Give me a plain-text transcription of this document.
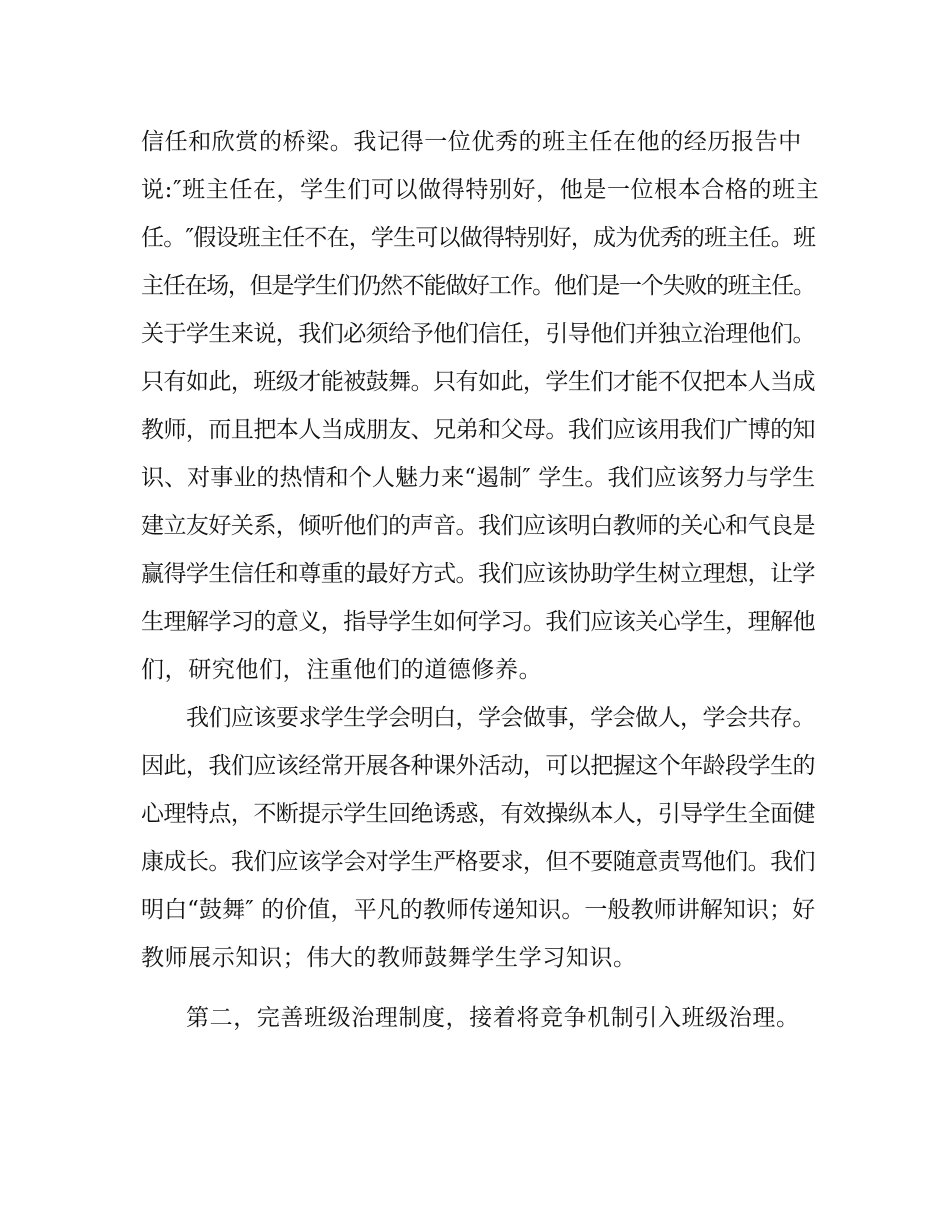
信任和欣赏的桥梁。我记得一位优秀的班主任在他的经历报告中
说:″班主任在，学生们可以做得特别好，他是一位根本合格的班主
任。″假设班主任不在，学生可以做得特别好，成为优秀的班主任。班
主任在场，但是学生们仍然不能做好工作。他们是一个失败的班主任。
关于学生来说，我们必须给予他们信任，引导他们并独立治理他们。
只有如此，班级才能被鼓舞。只有如此，学生们才能不仅把本人当成
教师，而且把本人当成朋友、兄弟和父母。我们应该用我们广博的知
识、对事业的热情和个人魅力来“遏制″ 学生。我们应该努力与学生
建立友好关系，倾听他们的声音。我们应该明白教师的关心和气良是
赢得学生信任和尊重的最好方式。我们应该协助学生树立理想，让学
生理解学习的意义，指导学生如何学习。我们应该关心学生，理解他
们，研究他们，注重他们的道德修养。
我们应该要求学生学会明白，学会做事，学会做人，学会共存。
因此，我们应该经常开展各种课外活动，可以把握这个年龄段学生的
心理特点，不断提示学生回绝诱惑，有效操纵本人，引导学生全面健
康成长。我们应该学会对学生严格要求，但不要随意责骂他们。我们
明白“鼓舞″ 的价值，平凡的教师传递知识。一般教师讲解知识；好
教师展示知识；伟大的教师鼓舞学生学习知识。
第二，完善班级治理制度，接着将竞争机制引入班级治理。
